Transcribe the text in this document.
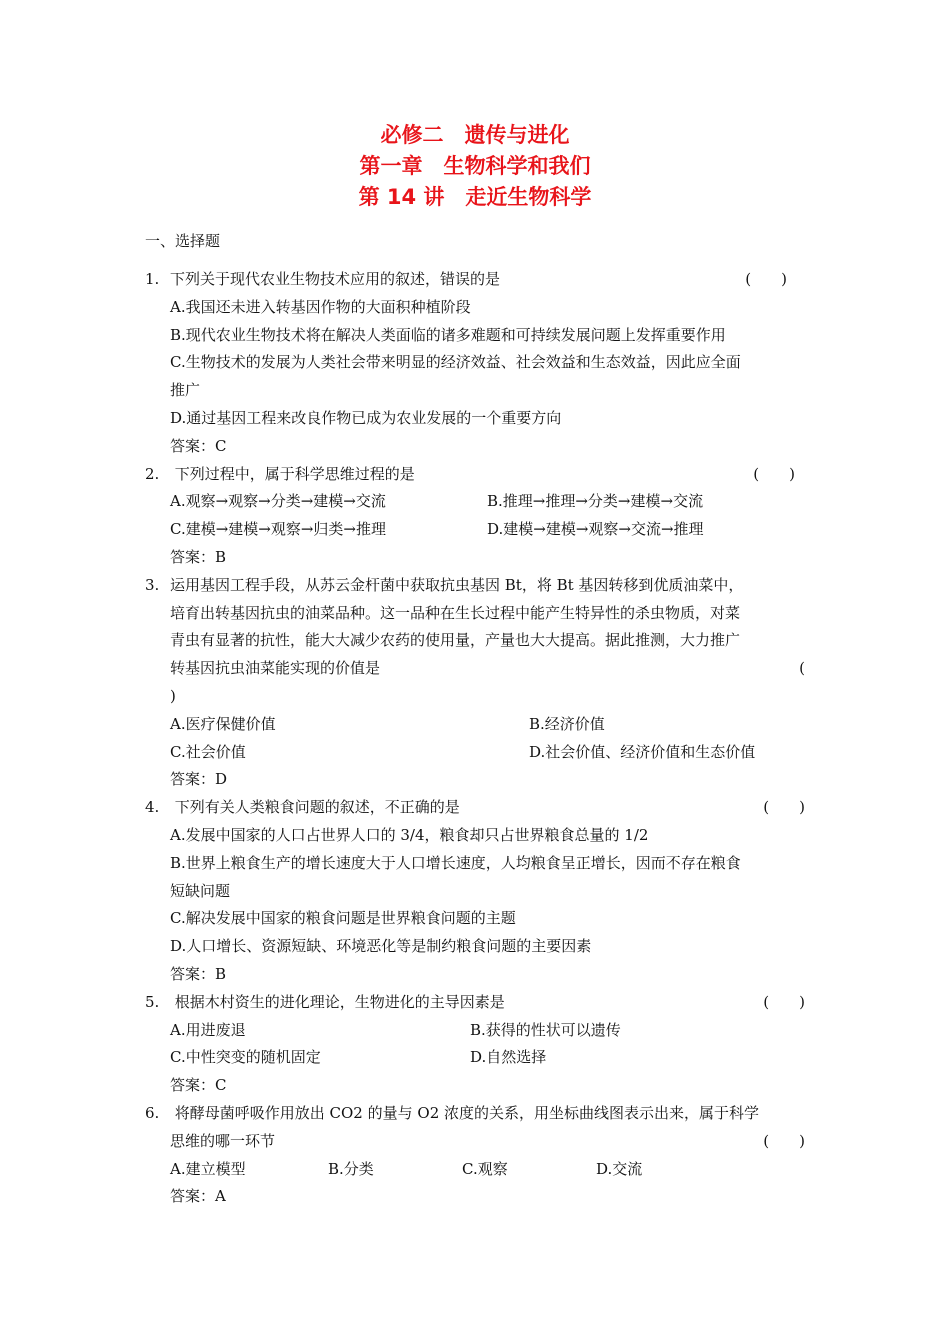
必修二　遗传与进化
第一章　生物科学和我们
第 14 讲　走近生物科学
一、选择题
1. 下列关于现代农业生物技术应用的叙述，错误的是	(　　)
A.我国还未进入转基因作物的大面积种植阶段
B.现代农业生物技术将在解决人类面临的诸多难题和可持续发展问题上发挥重要作用
C.生物技术的发展为人类社会带来明显的经济效益、社会效益和生态效益，因此应全面
推广
D.通过基因工程来改良作物已成为农业发展的一个重要方向
答案：C
2. 下列过程中，属于科学思维过程的是	(　　)
A.观察→观察→分类→建模→交流	B.推理→推理→分类→建模→交流
C.建模→建模→观察→归类→推理	D.建模→建模→观察→交流→推理
答案：B
3. 运用基因工程手段，从苏云金杆菌中获取抗虫基因 Bt，将 Bt 基因转移到优质油菜中，
培育出转基因抗虫的油菜品种。这一品种在生长过程中能产生特异性的杀虫物质，对菜
青虫有显著的抗性，能大大减少农药的使用量，产量也大大提高。据此推测，大力推广
转基因抗虫油菜能实现的价值是	(
)
A.医疗保健价值	B.经济价值
C.社会价值	D.社会价值、经济价值和生态价值
答案：D
4. 下列有关人类粮食问题的叙述，不正确的是	(　　)
A.发展中国家的人口占世界人口的 3/4，粮食却只占世界粮食总量的 1/2
B.世界上粮食生产的增长速度大于人口增长速度，人均粮食呈正增长，因而不存在粮食
短缺问题
C.解决发展中国家的粮食问题是世界粮食问题的主题
D.人口增长、资源短缺、环境恶化等是制约粮食问题的主要因素
答案：B
5. 根据木村资生的进化理论，生物进化的主导因素是	(　　)
A.用进废退	B.获得的性状可以遗传
C.中性突变的随机固定	D.自然选择
答案：C
6. 将酵母菌呼吸作用放出 CO2 的量与 O2 浓度的关系，用坐标曲线图表示出来，属于科学
思维的哪一环节	(　　)
A.建立模型	B.分类	C.观察	D.交流
答案：A
